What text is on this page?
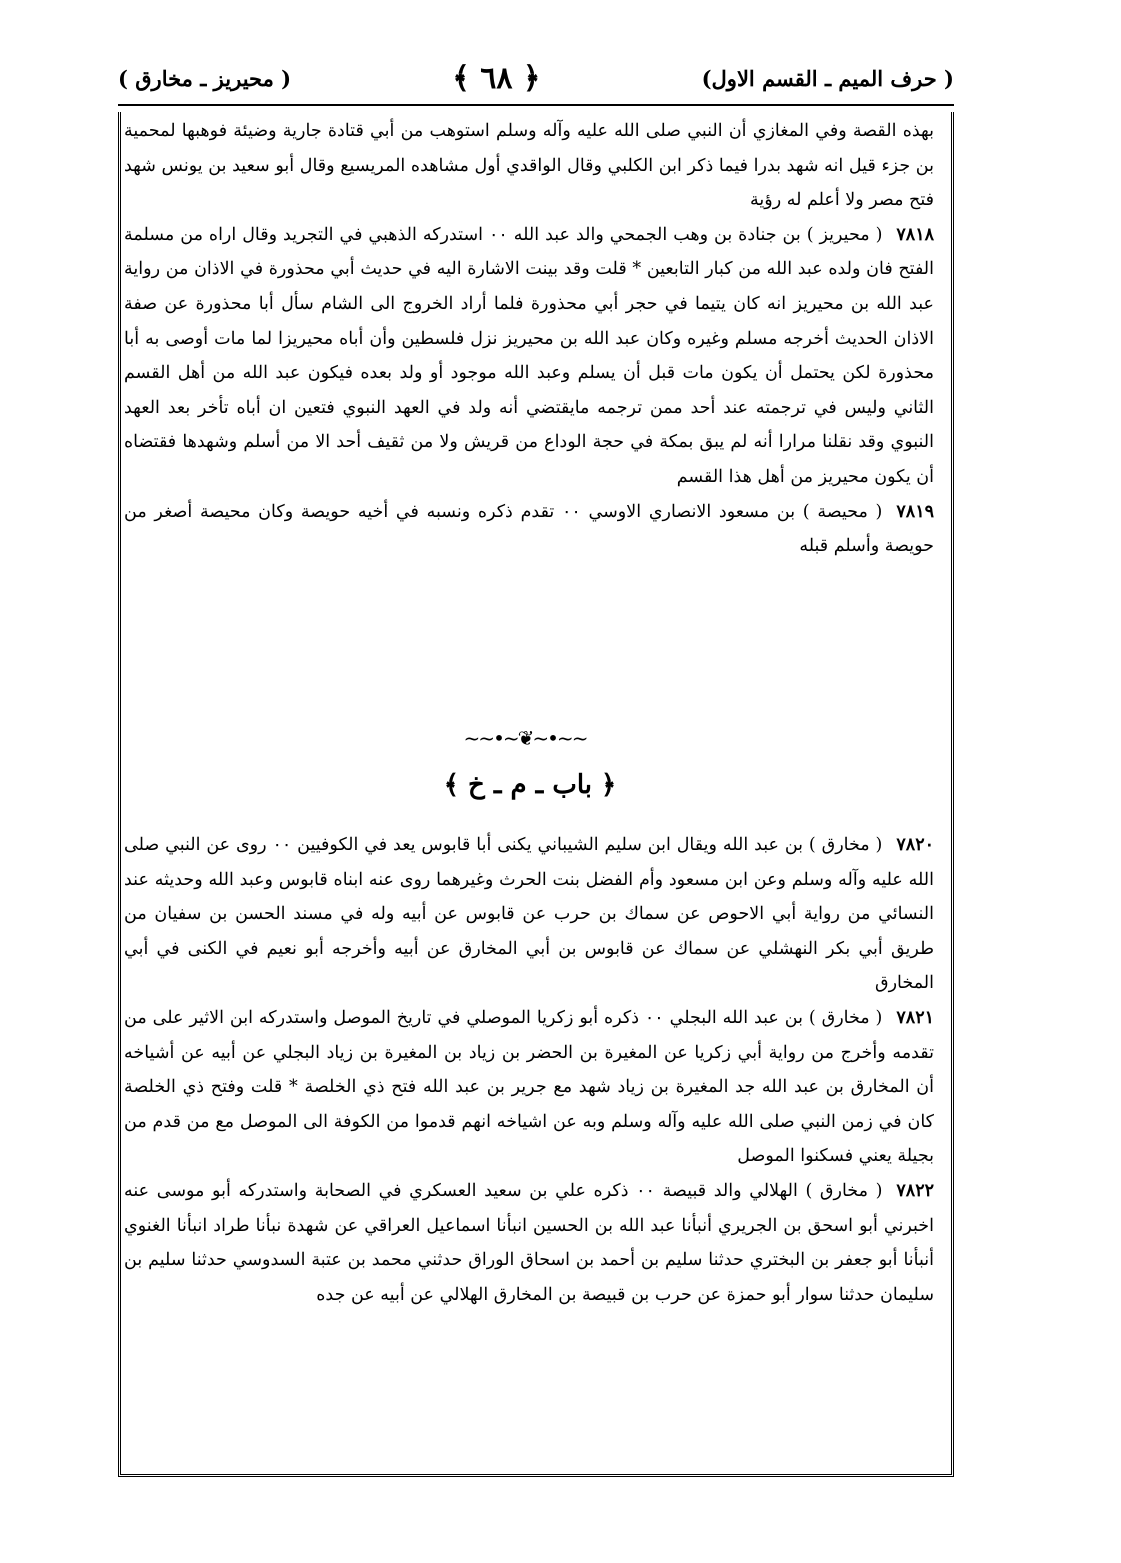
( حرف الميم ـ القسم الاول)
﴿ ٦٨ ﴾
( محيريز ـ مخارق )

بهذه القصة وفي المغازي أن النبي صلى الله عليه وآله وسلم استوهب من أبي قتادة جارية وضيئة فوهبها لمحمية بن جزء قيل انه شهد بدرا فيما ذكر ابن الكلبي وقال الواقدي أول مشاهده المريسيع وقال أبو سعيد بن يونس شهد فتح مصر ولا أعلم له رؤية

٧٨١٨( محيريز ) بن جنادة بن وهب الجمحي والد عبد الله ٠٠ استدركه الذهبي في التجريد وقال اراه من مسلمة الفتح فان ولده عبد الله من كبار التابعين * قلت وقد بينت الاشارة اليه في حديث أبي محذورة في الاذان من رواية عبد الله بن محيريز انه كان يتيما في حجر أبي محذورة فلما أراد الخروج الى الشام سأل أبا محذورة عن صفة الاذان الحديث أخرجه مسلم وغيره وكان عبد الله بن محيريز نزل فلسطين وأن أباه محيريزا لما مات أوصى به أبا محذورة لكن يحتمل أن يكون مات قبل أن يسلم وعبد الله موجود أو ولد بعده فيكون عبد الله من أهل القسم الثاني وليس في ترجمته عند أحد ممن ترجمه مايقتضي أنه ولد في العهد النبوي فتعين ان أباه تأخر بعد العهد النبوي وقد نقلنا مرارا أنه لم يبق بمكة في حجة الوداع من قريش ولا من ثقيف أحد الا من أسلم وشهدها فقتضاه أن يكون محيريز من أهل هذا القسم

٧٨١٩( محيصة ) بن مسعود الانصاري الاوسي ٠٠ تقدم ذكره ونسبه في أخيه حويصة وكان محيصة أصغر من حويصة وأسلم قبله

~~•~❦~•~~
﴿ باب ـ م ـ خ ﴾

٧٨٢٠( مخارق ) بن عبد الله ويقال ابن سليم الشيباني يكنى أبا قابوس يعد في الكوفيين ٠٠ روى عن النبي صلى الله عليه وآله وسلم وعن ابن مسعود وأم الفضل بنت الحرث وغيرهما روى عنه ابناه قابوس وعبد الله وحديثه عند النسائي من رواية أبي الاحوص عن سماك بن حرب عن قابوس عن أبيه وله في مسند الحسن بن سفيان من طريق أبي بكر النهشلي عن سماك عن قابوس بن أبي المخارق عن أبيه وأخرجه أبو نعيم في الكنى في أبي المخارق

٧٨٢١( مخارق ) بن عبد الله البجلي ٠٠ ذكره أبو زكريا الموصلي في تاريخ الموصل واستدركه ابن الاثير على من تقدمه وأخرج من رواية أبي زكريا عن المغيرة بن الحضر بن زياد بن المغيرة بن زياد البجلي عن أبيه عن أشياخه أن المخارق بن عبد الله جد المغيرة بن زياد شهد مع جرير بن عبد الله فتح ذي الخلصة * قلت وفتح ذي الخلصة كان في زمن النبي صلى الله عليه وآله وسلم وبه عن اشياخه انهم قدموا من الكوفة الى الموصل مع من قدم من بجيلة يعني فسكنوا الموصل

٧٨٢٢( مخارق ) الهلالي والد قبيصة ٠٠ ذكره علي بن سعيد العسكري في الصحابة واستدركه أبو موسى عنه اخبرني أبو اسحق بن الجريري أنبأنا عبد الله بن الحسين انبأنا اسماعيل العراقي عن شهدة نبأنا طراد انبأنا الغنوي أنبأنا أبو جعفر بن البختري حدثنا سليم بن أحمد بن اسحاق الوراق حدثني محمد بن عتبة السدوسي حدثنا سليم بن سليمان حدثنا سوار أبو حمزة عن حرب بن قبيصة بن المخارق الهلالي عن أبيه عن جده
